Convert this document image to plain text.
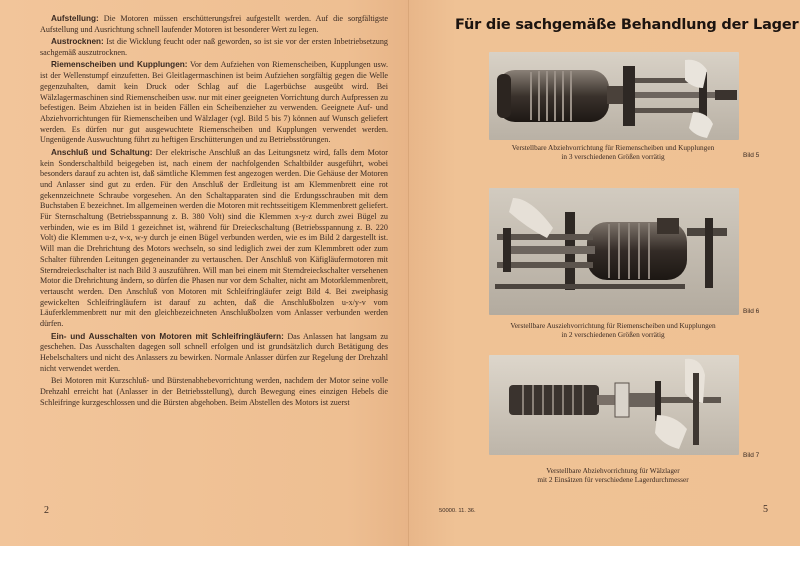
Aufstellung: Die Motoren müssen erschütterungsfrei aufgestellt werden. Auf die sorgfältigste Aufstellung und Ausrichtung schnell laufender Motoren ist besonderer Wert zu legen.

Austrocknen: Ist die Wicklung feucht oder naß geworden, so ist sie vor der ersten Inbetriebsetzung sachgemäß auszutrocknen.

Riemenscheiben und Kupplungen: Vor dem Aufziehen von Riemenscheiben, Kupplungen usw. ist der Wellenstumpf einzufetten. Bei Gleitlagermaschinen ist beim Aufziehen sorgfältig gegen die Welle gegenzuhalten, damit kein Druck oder Schlag auf die Lagerbüchse ausgeübt wird. Bei Wälzlagermaschinen sind Riemenscheiben usw. nur mit einer geeigneten Vorrichtung durch Aufpressen zu befestigen. Beim Abziehen ist in beiden Fällen ein Scheibenzieher zu verwenden. Geeignete Auf- und Abziehvorrichtungen für Riemenscheiben und Wälzlager (vgl. Bild 5 bis 7) können auf Wunsch geliefert werden. Es dürfen nur gut ausgewuchtete Riemenscheiben und Kupplungen verwendet werden. Ungenügende Auswuchtung führt zu heftigen Erschütterungen und zu Betriebsstörungen.

Anschluß und Schaltung: Der elektrische Anschluß an das Leitungsnetz wird, falls dem Motor kein Sonderschaltbild beigegeben ist, nach einem der nachfolgenden Schaltbilder ausgeführt, wobei besonders darauf zu achten ist, daß sämtliche Klemmen fest angezogen werden. Die Gehäuse der Motoren und Anlasser sind gut zu erden. Für den Anschluß der Erdleitung ist am Klemmenbrett eine rot gekennzeichnete Schraube vorgesehen. An den Schaltapparaten sind die Erdungsschrauben mit dem Buchstaben E bezeichnet. Im allgemeinen werden die Motoren mit rechtsseitigem Klemmenbrett geliefert. Für Sternschaltung (Betriebsspannung z. B. 380 Volt) sind die Klemmen x-y-z durch zwei Bügel zu verbinden, wie es im Bild 1 gezeichnet ist, während für Dreieckschaltung (Betriebsspannung z. B. 220 Volt) die Klemmen u-z, v-x, w-y durch je einen Bügel verbunden werden, wie es im Bild 2 dargestellt ist. Will man die Drehrichtung des Motors wechseln, so sind lediglich zwei der zum Klemmbrett oder zum Schalter führenden Leitungen gegeneinander zu vertauschen. Der Anschluß von Käfigläufermotoren mit Sterndreieckschalter ist nach Bild 3 auszuführen. Will man bei einem mit Sterndreieckschalter versehenen Motor die Drehrichtung ändern, so dürfen die Phasen nur vor dem Schalter, nicht am Motorklemmenbrett, vertauscht werden. Den Anschluß von Motoren mit Schleifringläufer zeigt Bild 4. Bei zweiphasig gewickelten Schleifringläufern ist darauf zu achten, daß die Anschlußbolzen u-x/y-v vom Läuferklemmenbrett nur mit den gleichbezeichneten Anschlußbolzen vom Anlasser verbunden werden dürfen.

Ein- und Ausschalten von Motoren mit Schleifringläufern: Das Anlassen hat langsam zu geschehen. Das Ausschalten dagegen soll schnell erfolgen und ist grundsätzlich durch Betätigung des Hebelschalters und nicht des Anlassers zu bewirken. Normale Anlasser dürfen zur Regelung der Drehzahl nicht verwendet werden.

Bei Motoren mit Kurzschluß- und Bürstenabhebevorrichtung werden, nachdem der Motor seine volle Drehzahl erreicht hat (Anlasser in der Betriebsstellung), durch Bewegung eines einzigen Hebels die Schleifringe kurzgeschlossen und die Bürsten abgehoben. Beim Abstellen des Motors ist zuerst

2
Für die sachgemäße Behandlung der Lager
Bild 5
Verstellbare Abziehvorrichtung für Riemenscheiben und Kupplungen
in 3 verschiedenen Größen vorrätig
Bild 6
Verstellbare Ausziehvorrichtung für Riemenscheiben und Kupplungen
in 2 verschiedenen Größen vorrätig
Bild 7
Verstellbare Abziehvorrichtung für Wälzlager
mit 2 Einsätzen für verschiedene Lagerdurchmesser
50000. 11. 36.	5
